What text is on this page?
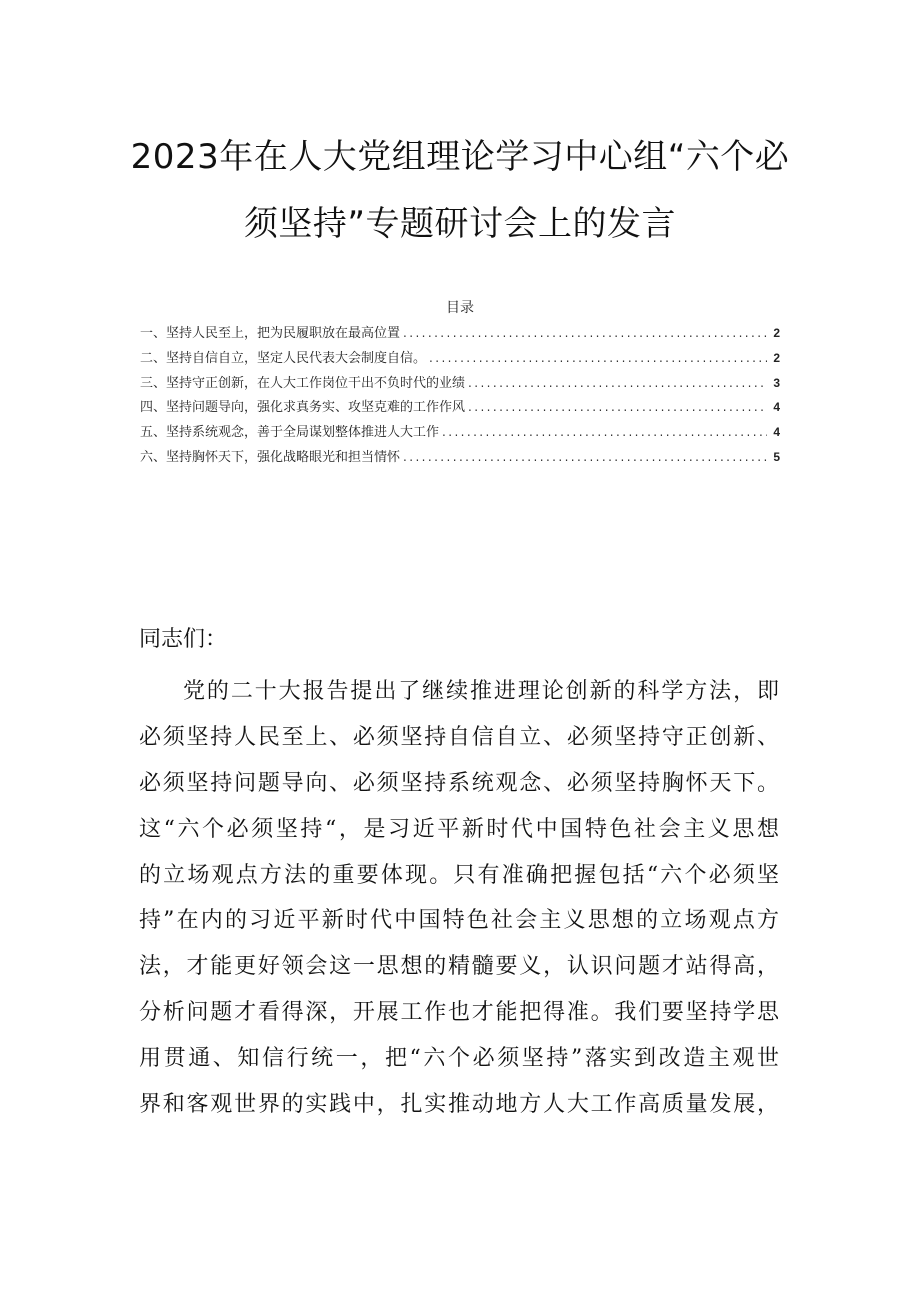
2023年在人大党组理论学习中心组“六个必
须坚持”专题研讨会上的发言
目录
一、坚持人民至上，把为民履职放在最高位置 .....	2
二、坚持自信自立，坚定人民代表大会制度自信。 .....	2
三、坚持守正创新，在人大工作岗位干出不负时代的业绩 .....	3
四、坚持问题导向，强化求真务实、攻坚克难的工作作风 .....	4
五、坚持系统观念，善于全局谋划整体推进人大工作 .....	4
六、坚持胸怀天下，强化战略眼光和担当情怀 .....	5
同志们：
党的二十大报告提出了继续推进理论创新的科学方法，即
必须坚持人民至上、必须坚持自信自立、必须坚持守正创新、
必须坚持问题导向、必须坚持系统观念、必须坚持胸怀天下。
这“六个必须坚持“，是习近平新时代中国特色社会主义思想
的立场观点方法的重要体现。只有准确把握包括“六个必须坚
持”在内的习近平新时代中国特色社会主义思想的立场观点方
法，才能更好领会这一思想的精髓要义，认识问题才站得高，
分析问题才看得深，开展工作也才能把得准。我们要坚持学思
用贯通、知信行统一，把“六个必须坚持”落实到改造主观世
界和客观世界的实践中，扎实推动地方人大工作高质量发展，
